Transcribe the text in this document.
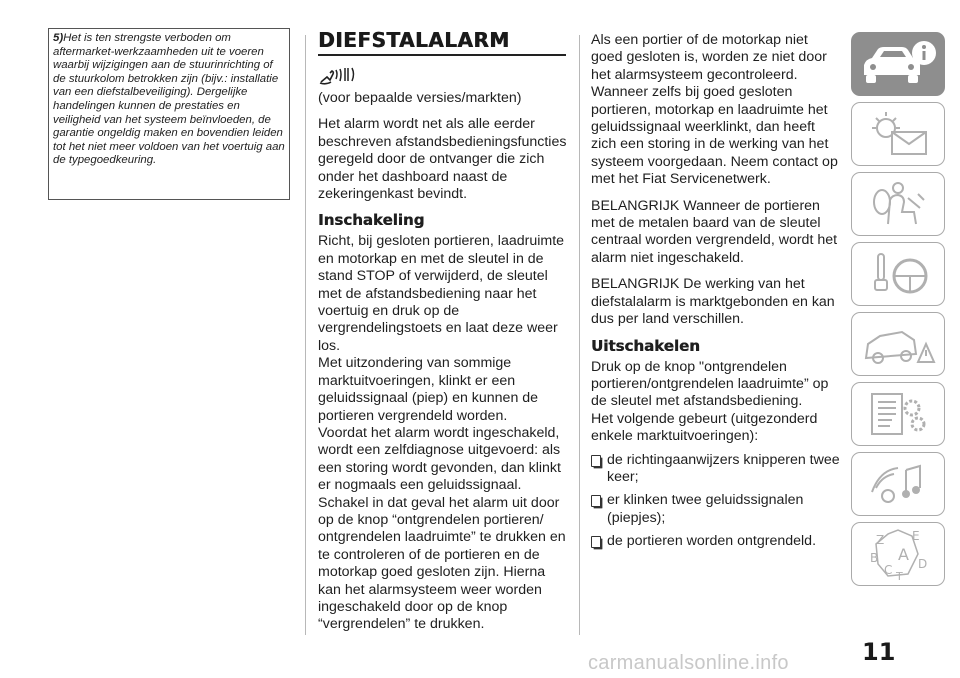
5)Het is ten strengste verboden om aftermarket-werkzaamheden uit te voeren waarbij wijzigingen aan de stuurinrichting of de stuurkolom betrokken zijn (bijv.: installatie van een diefstalbeveiliging). Dergelijke handelingen kunnen de prestaties en veiligheid van het systeem beïnvloeden, de garantie ongeldig maken en bovendien leiden tot het niet meer voldoen van het voertuig aan de typegoedkeuring.
DIEFSTALALARM

(voor bepaalde versies/markten)

Het alarm wordt net als alle eerder beschreven afstandsbedieningsfuncties geregeld door de ontvanger die zich onder het dashboard naast de zekeringenkast bevindt.

Inschakeling

Richt, bij gesloten portieren, laadruimte en motorkap en met de sleutel in de stand STOP of verwijderd, de sleutel met de afstandsbediening naar het voertuig en druk op de vergrendelingstoets en laat deze weer los.

Met uitzondering van sommige marktuitvoeringen, klinkt er een geluidssignaal (piep) en kunnen de portieren vergrendeld worden.

Voordat het alarm wordt ingeschakeld, wordt een zelfdiagnose uitgevoerd: als een storing wordt gevonden, dan klinkt er nogmaals een geluidssignaal. Schakel in dat geval het alarm uit door op de knop “ontgrendelen portieren/ ontgrendelen laadruimte” te drukken en te controleren of de portieren en de motorkap goed gesloten zijn. Hierna kan het alarmsysteem weer worden ingeschakeld door op de knop “vergrendelen” te drukken.

Als een portier of de motorkap niet goed gesloten is, worden ze niet door het alarmsysteem gecontroleerd. Wanneer zelfs bij goed gesloten portieren, motorkap en laadruimte het geluidssignaal weerklinkt, dan heeft zich een storing in de werking van het systeem voorgedaan. Neem contact op met het Fiat Servicenetwerk.

BELANGRIJK Wanneer de portieren met de metalen baard van de sleutel centraal worden vergrendeld, wordt het alarm niet ingeschakeld.

BELANGRIJK De werking van het diefstalalarm is marktgebonden en kan dus per land verschillen.

Uitschakelen

Druk op de knop "ontgrendelen portieren/ontgrendelen laadruimte” op de sleutel met afstandsbediening.

Het volgende gebeurt (uitgezonderd enkele marktuitvoeringen):

de richtingaanwijzers knipperen twee keer;
er klinken twee geluidssignalen (piepjes);
de portieren worden ontgrendeld.	Z E
A
B
C D
T
11
carmanualsonline.info
